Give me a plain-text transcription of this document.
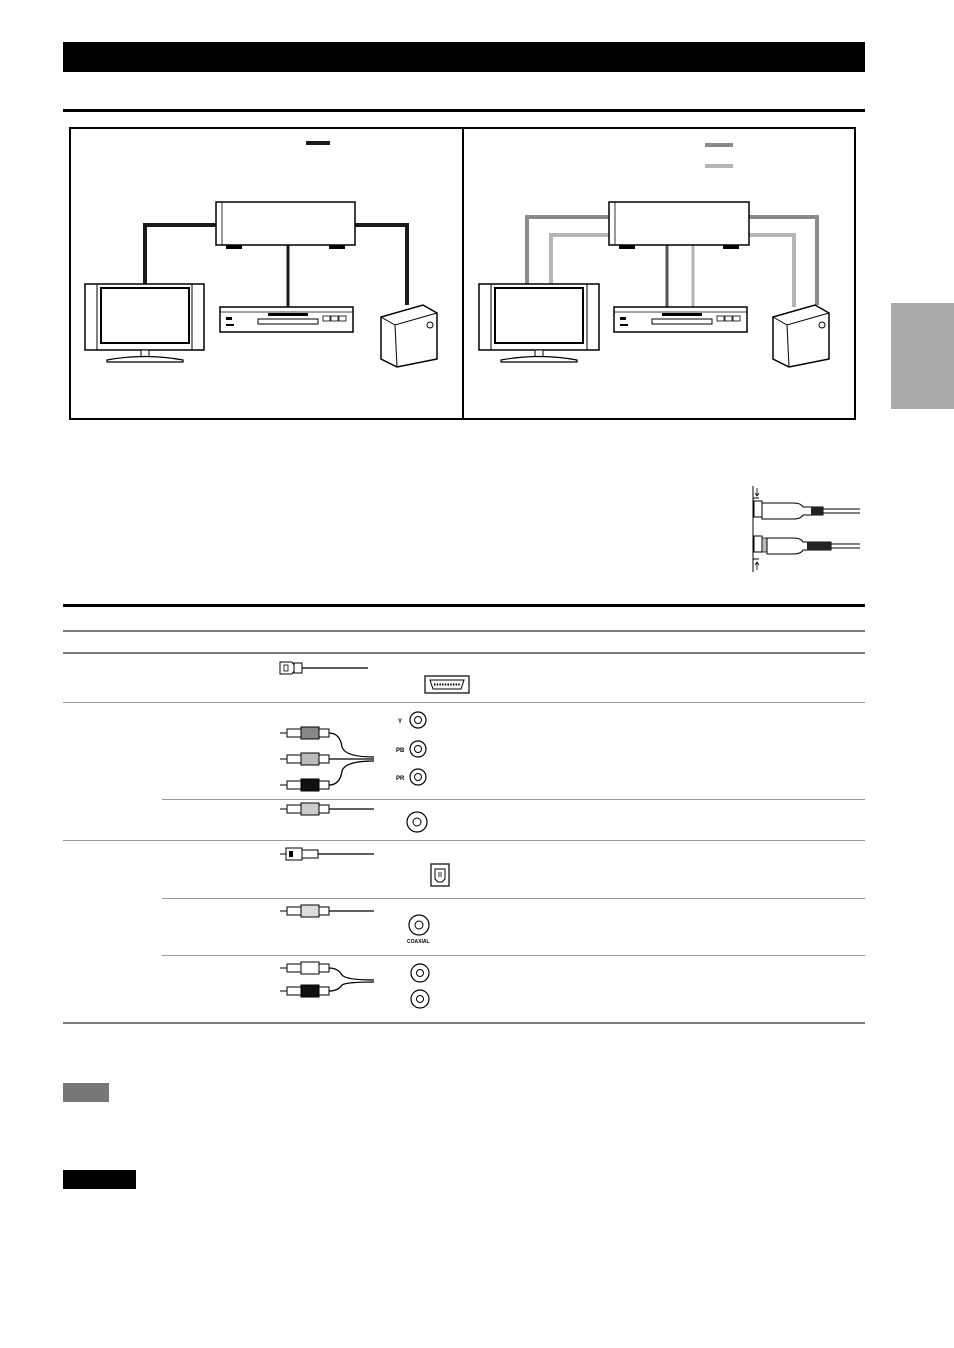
Y
PB
PR
COAXIAL
